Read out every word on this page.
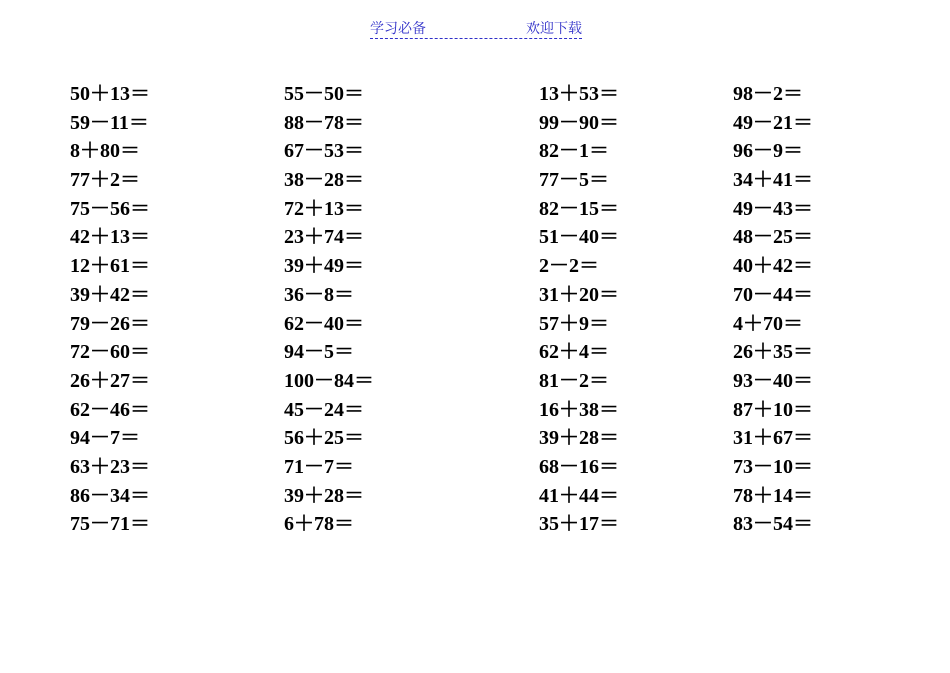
学习必备	欢迎下载
50＋13＝
59－11＝
8＋80＝
77＋2＝
75－56＝
42＋13＝
12＋61＝
39＋42＝
79－26＝
72－60＝
26＋27＝
62－46＝
94－7＝
63＋23＝
86－34＝
75－71＝
55－50＝
88－78＝
67－53＝
38－28＝
72＋13＝
23＋74＝
39＋49＝
36－8＝
62－40＝
94－5＝
100－84＝
45－24＝
56＋25＝
71－7＝
39＋28＝
6＋78＝
13＋53＝
99－90＝
82－1＝
77－5＝
82－15＝
51－40＝
2－2＝
31＋20＝
57＋9＝
62＋4＝
81－2＝
16＋38＝
39＋28＝
68－16＝
41＋44＝
35＋17＝
98－2＝
49－21＝
96－9＝
34＋41＝
49－43＝
48－25＝
40＋42＝
70－44＝
4＋70＝
26＋35＝
93－40＝
87＋10＝
31＋67＝
73－10＝
78＋14＝
83－54＝
